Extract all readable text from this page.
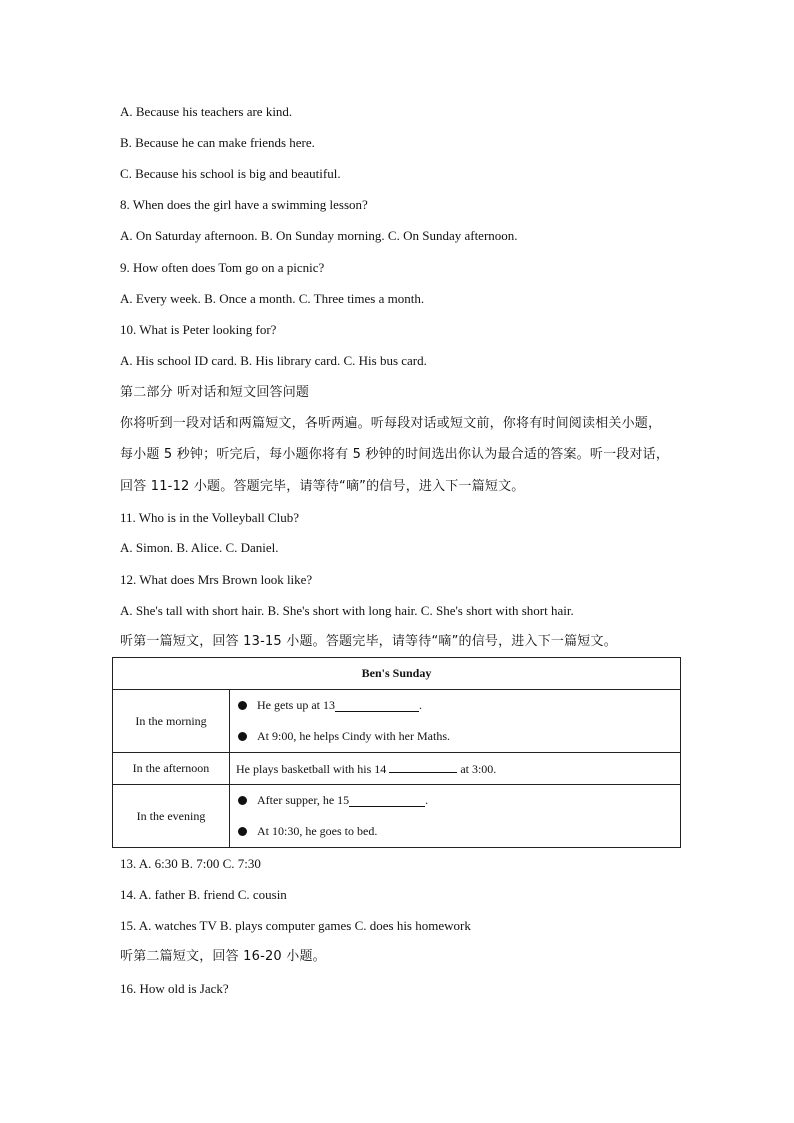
A. Because his teachers are kind.
B. Because he can make friends here.
C. Because his school is big and beautiful.
8. When does the girl have a swimming lesson?
A. On Saturday afternoon. B. On Sunday morning. C. On Sunday afternoon.
9. How often does Tom go on a picnic?
A. Every week. B. Once a month. C. Three times a month.
10. What is Peter looking for?
A. His school ID card. B. His library card. C. His bus card.
第二部分 听对话和短文回答问题
你将听到一段对话和两篇短文，各听两遍。听每段对话或短文前，你将有时间阅读相关小题，
每小题 5 秒钟；听完后，每小题你将有 5 秒钟的时间选出你认为最合适的答案。听一段对话，
回答 11-12 小题。答题完毕，请等待“嘀”的信号，进入下一篇短文。
11. Who is in the Volleyball Club?
A. Simon. B. Alice. C. Daniel.
12. What does Mrs Brown look like?
A. She's tall with short hair. B. She's short with long hair. C. She's short with short hair.
听第一篇短文，回答 13-15 小题。答题完毕，请等待“嘀”的信号，进入下一篇短文。
Ben's Sunday	
In the morning	He gets up at 13 .
At 9:00, he helps Cindy with her Maths.

In the afternoon	He plays basketball with his 14 at 3:00.
In the evening	After supper, he 15 .
At 10:30, he goes to bed.
13. A. 6:30 B. 7:00 C. 7:30
14. A. father B. friend C. cousin
15. A. watches TV B. plays computer games C. does his homework
听第二篇短文，回答 16-20 小题。
16. How old is Jack?
